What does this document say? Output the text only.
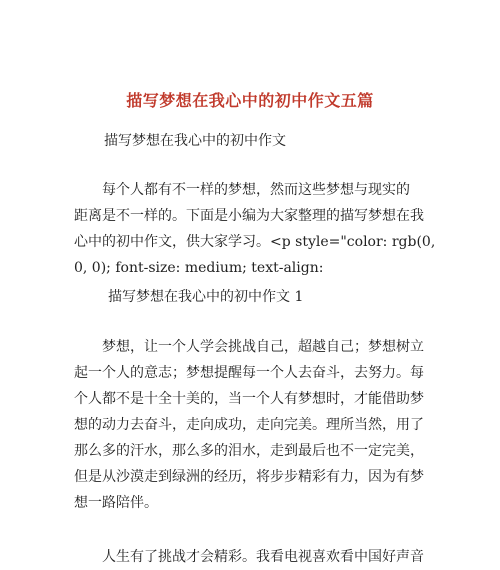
描写梦想在我心中的初中作文五篇
描写梦想在我心中的初中作文
每个人都有不一样的梦想，然而这些梦想与现实的
距离是不一样的。下面是小编为大家整理的描写梦想在我
心中的初中作文，供大家学习。<p style="color: rgb(0,
0, 0); font-size: medium; text-align:
描写梦想在我心中的初中作文 1
梦想，让一个人学会挑战自己，超越自己；梦想树立
起一个人的意志；梦想提醒每一个人去奋斗，去努力。每
个人都不是十全十美的，当一个人有梦想时，才能借助梦
想的动力去奋斗，走向成功，走向完美。理所当然，用了
那么多的汗水，那么多的泪水，走到最后也不一定完美，
但是从沙漠走到绿洲的经历，将步步精彩有力，因为有梦
想一路陪伴。
人生有了挑战才会精彩。我看电视喜欢看中国好声音
